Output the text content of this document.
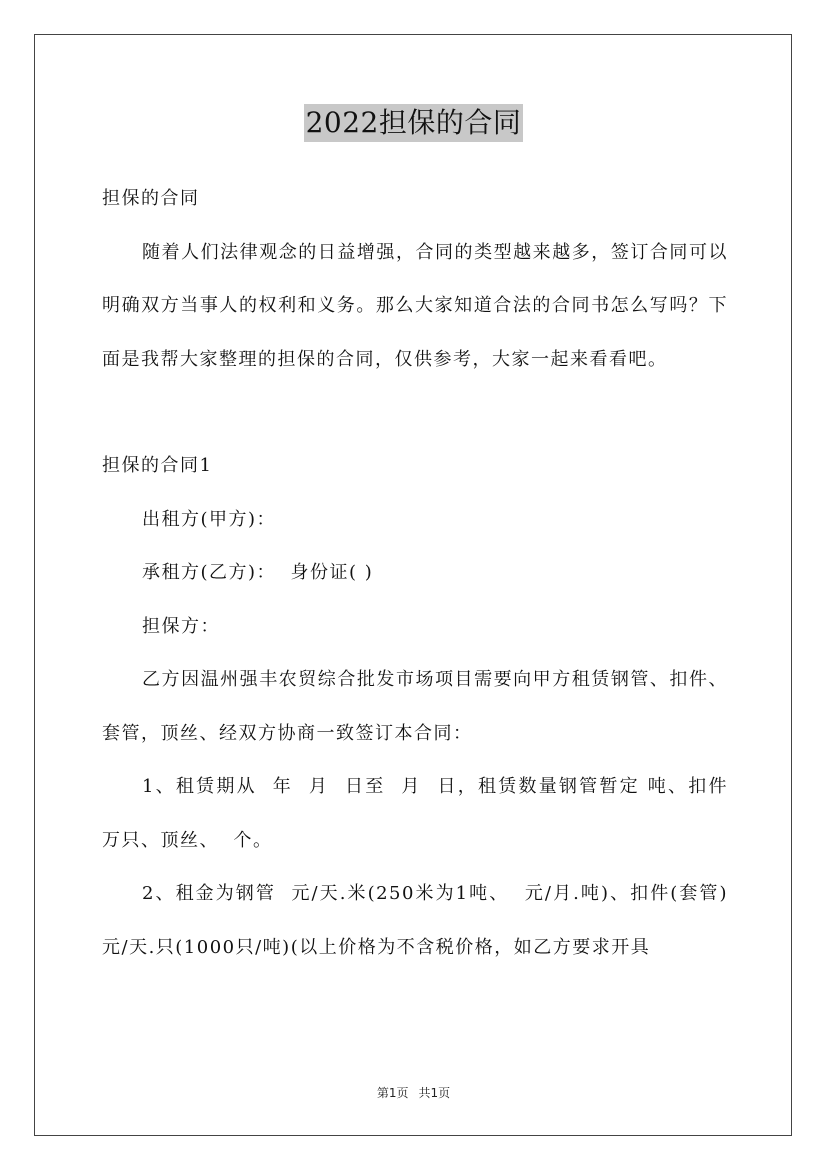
2022担保的合同

担保的合同

随着人们法律观念的日益增强，合同的类型越来越多，签订合同可以明确双方当事人的权利和义务。那么大家知道合法的合同书怎么写吗？下面是我帮大家整理的担保的合同，仅供参考，大家一起来看看吧。

担保的合同1

出租方(甲方)：

承租方(乙方)：  身份证( )

担保方：

乙方因温州强丰农贸综合批发市场项目需要向甲方租赁钢管、扣件、套管，顶丝、经双方协商一致签订本合同：

1、租赁期从  年  月  日至  月  日，租赁数量钢管暂定 吨、扣件 万只、顶丝、  个。

2、租金为钢管  元/天.米(250米为1吨、  元/月.吨)、扣件(套管)  元/天.只(1000只/吨)(以上价格为不含税价格，如乙方要求开具

第1页 共1页
